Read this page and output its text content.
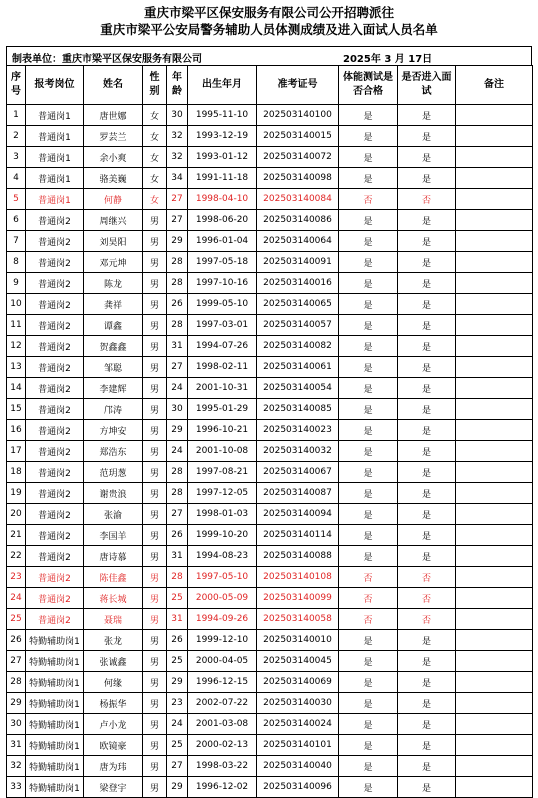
重庆市梁平区保安服务有限公司公开招聘派往
重庆市梁平公安局警务辅助人员体测成绩及进入面试人员名单
制表单位：重庆市梁平区保安服务有限公司	2025年 3 月 17日
序号	报考岗位	姓名	性别	年龄	出生年月	准考证号	体能测试是否合格	是否进入面试	备注
1	普通岗1	唐世娜	女	30	1995-11-10	202503140100	是	是	
2	普通岗1	罗芸兰	女	32	1993-12-19	202503140015	是	是	
3	普通岗1	余小爽	女	32	1993-01-12	202503140072	是	是	
4	普通岗1	骆美巍	女	34	1991-11-18	202503140098	是	是	
5	普通岗1	何静	女	27	1998-04-10	202503140084	否	否	
6	普通岗2	周继兴	男	27	1998-06-20	202503140086	是	是	
7	普通岗2	刘昊阳	男	29	1996-01-04	202503140064	是	是	
8	普通岗2	邓元坤	男	28	1997-05-18	202503140091	是	是	
9	普通岗2	陈龙	男	28	1997-10-16	202503140016	是	是	
10	普通岗2	龚祥	男	26	1999-05-10	202503140065	是	是	
11	普通岗2	谭鑫	男	28	1997-03-01	202503140057	是	是	
12	普通岗2	贺鑫鑫	男	31	1994-07-26	202503140082	是	是	
13	普通岗2	邹聪	男	27	1998-02-11	202503140061	是	是	
14	普通岗2	李建辉	男	24	2001-10-31	202503140054	是	是	
15	普通岗2	邝涛	男	30	1995-01-29	202503140085	是	是	
16	普通岗2	方坤安	男	29	1996-10-21	202503140023	是	是	
17	普通岗2	郑浩东	男	24	2001-10-08	202503140032	是	是	
18	普通岗2	范玥葱	男	28	1997-08-21	202503140067	是	是	
19	普通岗2	谢贵浪	男	28	1997-12-05	202503140087	是	是	
20	普通岗2	张渝	男	27	1998-01-03	202503140094	是	是	
21	普通岗2	李国羊	男	26	1999-10-20	202503140114	是	是	
22	普通岗2	唐诗慕	男	31	1994-08-23	202503140088	是	是	
23	普通岗2	陈佳鑫	男	28	1997-05-10	202503140108	否	否	
24	普通岗2	蒋长城	男	25	2000-05-09	202503140099	否	否	
25	普通岗2	聂瑞	男	31	1994-09-26	202503140058	否	否	
26	特勤辅助岗1	张龙	男	26	1999-12-10	202503140010	是	是	
27	特勤辅助岗1	张诚鑫	男	25	2000-04-05	202503140045	是	是	
28	特勤辅助岗1	何缘	男	29	1996-12-15	202503140069	是	是	
29	特勤辅助岗1	杨振华	男	23	2002-07-22	202503140030	是	是	
30	特勤辅助岗1	卢小龙	男	24	2001-03-08	202503140024	是	是	
31	特勤辅助岗1	欧镜豪	男	25	2000-02-13	202503140101	是	是	
32	特勤辅助岗1	唐为玮	男	27	1998-03-22	202503140040	是	是	
33	特勤辅助岗1	梁登宇	男	29	1996-12-02	202503140096	是	是	
